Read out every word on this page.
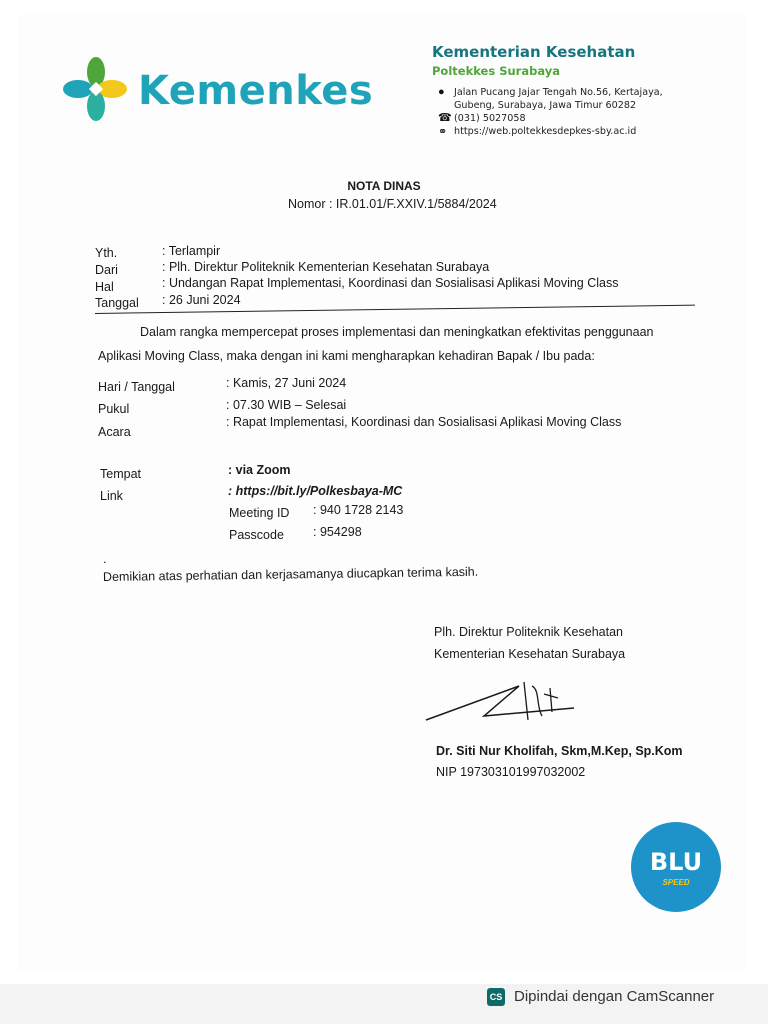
Kemenkes
Kementerian Kesehatan
Poltekkes Surabaya
● Jalan Pucang Jajar Tengah No.56, Kertajaya,
Gubeng, Surabaya, Jawa Timur 60282
☎ (031) 5027058
⚭ https://web.poltekkesdepkes-sby.ac.id
NOTA DINAS
Nomor : IR.01.01/F.XXIV.1/5884/2024
Yth.	: Terlampir
Dari	: Plh. Direktur Politeknik Kementerian Kesehatan Surabaya
Hal	: Undangan Rapat Implementasi, Koordinasi dan Sosialisasi Aplikasi Moving Class
Tanggal : 26 Juni 2024
Dalam rangka mempercepat proses implementasi dan meningkatkan efektivitas penggunaan
Aplikasi Moving Class, maka dengan ini kami mengharapkan kehadiran Bapak / Ibu pada:
Hari / Tanggal	: Kamis, 27 Juni 2024
Pukul	: 07.30 WIB – Selesai
Acara
: Rapat Implementasi, Koordinasi dan Sosialisasi Aplikasi Moving Class
Tempat	: via Zoom
Link	: https://bit.ly/Polkesbaya-MC
Meeting ID : 940 1728 2143
Passcode : 954298
.
Demikian atas perhatian dan kerjasamanya diucapkan terima kasih.
Plh. Direktur Politeknik Kesehatan
Kementerian Kesehatan Surabaya
Dr. Siti Nur Kholifah, Skm,M.Kep, Sp.Kom
NIP 197303101997032002
BLU
SPEED
CS Dipindai dengan CamScanner
